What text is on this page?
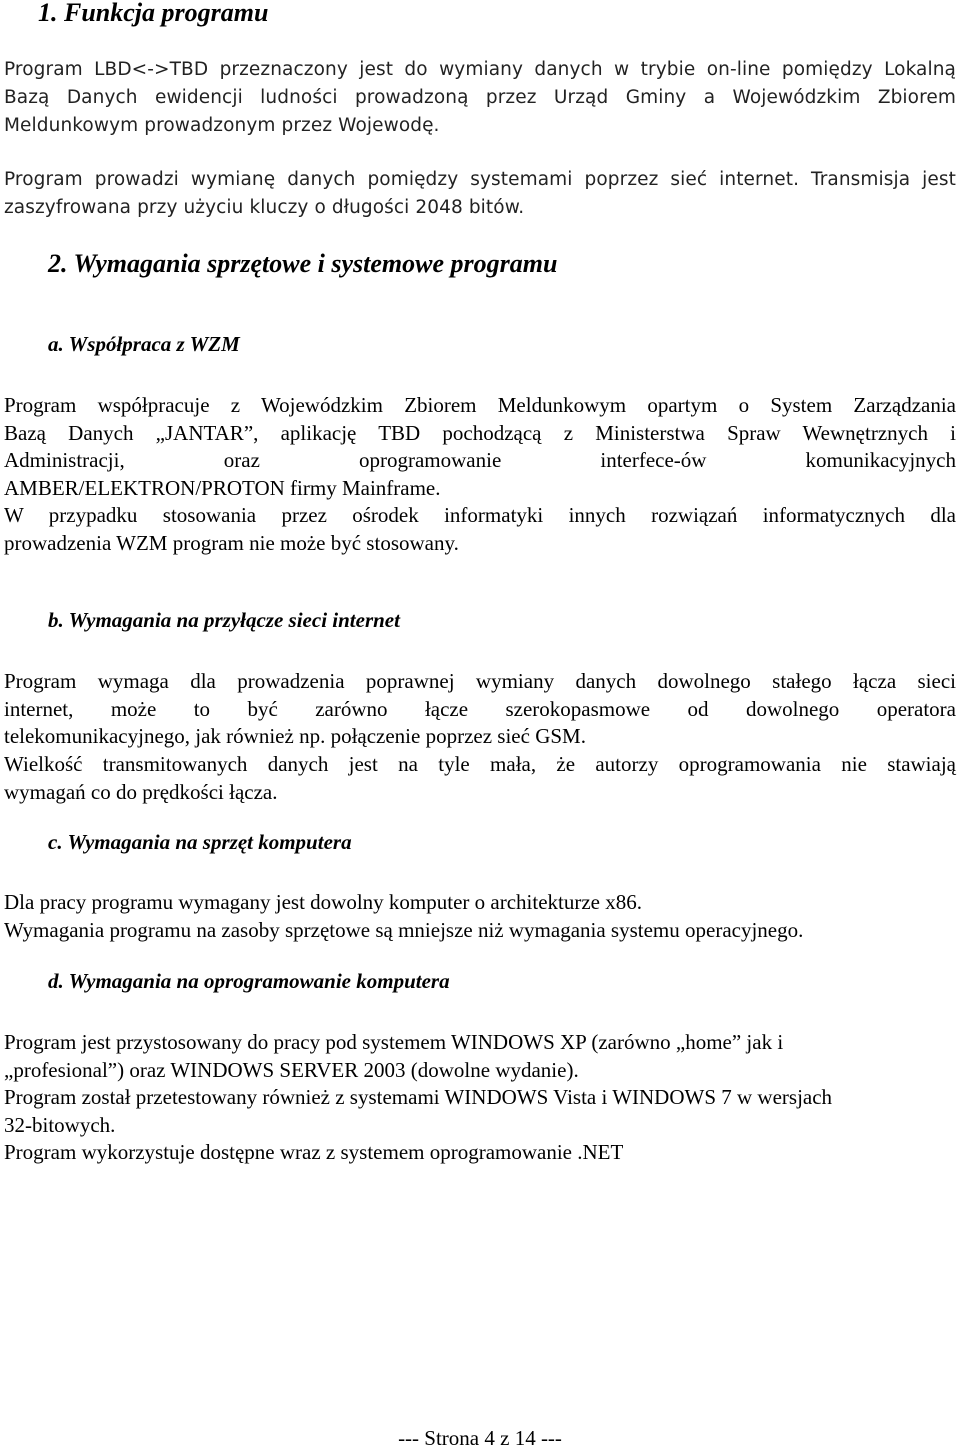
1. Funkcja programu
Program LBD<->TBD przeznaczony jest do wymiany danych w trybie on-line pomiędzy Lokalną
Bazą Danych ewidencji ludności prowadzoną przez Urząd Gminy a Wojewódzkim Zbiorem
Meldunkowym prowadzonym przez Wojewodę.
Program prowadzi wymianę danych pomiędzy systemami poprzez sieć internet. Transmisja jest
zaszyfrowana przy użyciu kluczy o długości 2048 bitów.
2. Wymagania sprzętowe i systemowe programu
a. Współpraca z WZM
Program współpracuje z Wojewódzkim Zbiorem Meldunkowym opartym o System Zarządzania
Bazą Danych „JANTAR”, aplikację TBD pochodzącą z Ministerstwa Spraw Wewnętrznych i
Administracji, oraz oprogramowanie interfece-ów komunikacyjnych
AMBER/ELEKTRON/PROTON firmy Mainframe.
W przypadku stosowania przez ośrodek informatyki innych rozwiązań informatycznych dla
prowadzenia WZM program nie może być stosowany.
b. Wymagania na przyłącze sieci internet
Program wymaga dla prowadzenia poprawnej wymiany danych dowolnego stałego łącza sieci
internet, może to być zarówno łącze szerokopasmowe od dowolnego operatora
telekomunikacyjnego, jak również np. połączenie poprzez sieć GSM.
Wielkość transmitowanych danych jest na tyle mała, że autorzy oprogramowania nie stawiają
wymagań co do prędkości łącza.
c. Wymagania na sprzęt komputera
Dla pracy programu wymagany jest dowolny komputer o architekturze x86.
Wymagania programu na zasoby sprzętowe są mniejsze niż wymagania systemu operacyjnego.
d. Wymagania na oprogramowanie komputera
Program jest przystosowany do pracy pod systemem WINDOWS XP (zarówno „home” jak i
„profesional”) oraz WINDOWS SERVER 2003 (dowolne wydanie).
Program został przetestowany również z systemami WINDOWS Vista i WINDOWS 7 w wersjach
32-bitowych.
Program wykorzystuje dostępne wraz z systemem oprogramowanie .NET
--- Strona 4 z 14 ---
